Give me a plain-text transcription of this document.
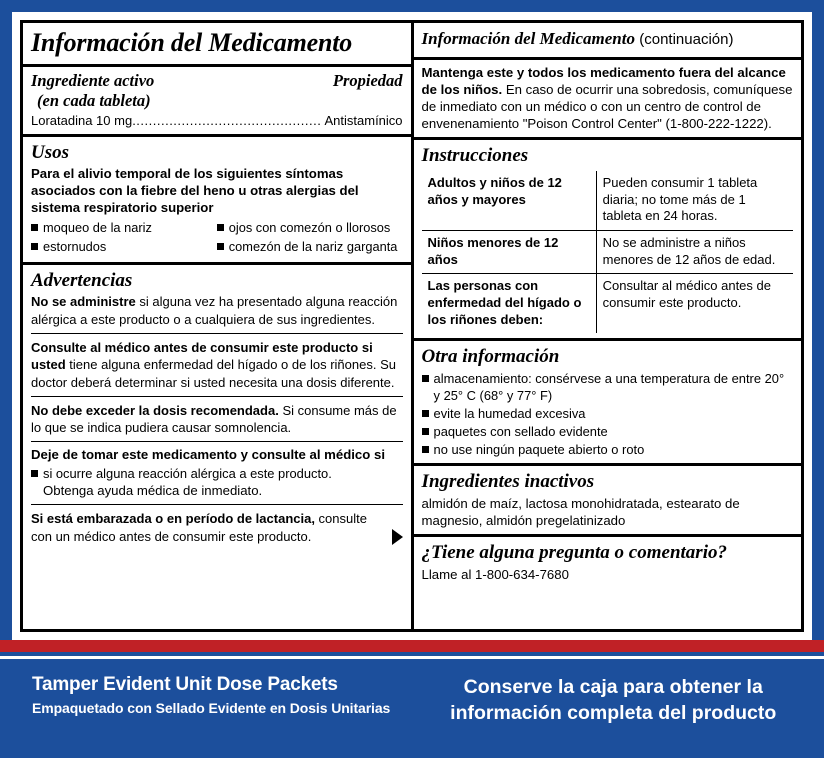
Información del Medicamento
Ingrediente activo	Propiedad
(en cada tableta)
Loratadina 10 mg .............................................. Antistamínico
Usos
Para el alivio temporal de los siguientes síntomas asociados con la fiebre del heno u otras alergias del sistema respiratorio superior
moqueo de la nariz	ojos con comezón o llorosos
estornudos	comezón de la nariz garganta
Advertencias
No se administre si alguna vez ha presentado alguna reacción alérgica a este producto o a cualquiera de sus ingredientes.
Consulte al médico antes de consumir este producto si usted tiene alguna enfermedad del hígado o de los riñones. Su doctor deberá determinar si usted necesita una dosis diferente.
No debe exceder la dosis recomendada. Si consume más de lo que se indica pudiera causar somnolencia.
Deje de tomar este medicamento y consulte al médico si
si ocurre alguna reacción alérgica a este producto.
Obtenga ayuda médica de inmediato.
Si está embarazada o en período de lactancia, consulte con un médico antes de consumir este producto.
Información del Medicamento (continuación)
Mantenga este y todos los medicamento fuera del alcance de los niños. En caso de ocurrir una sobredosis, comuníquese de inmediato con un médico o con un centro de control de envenenamiento "Poison Control Center" (1-800-222-1222).
Instrucciones
Adultos y niños de 12 años y mayores	Pueden consumir 1 tableta diaria; no tome más de 1 tableta en 24 horas.
Niños menores de 12 años	No se administre a niños menores de 12 años de edad.
Las personas con enfermedad del hígado o los riñones deben:	Consultar al médico antes de consumir este producto.
Otra información
almacenamiento: consérvese a una temperatura de entre 20° y 25° C (68° y 77° F)
evite la humedad excesiva
paquetes con sellado evidente
no use ningún paquete abierto o roto
Ingredientes inactivos
almidón de maíz, lactosa monohidratada, estearato de magnesio, almidón pregelatinizado
¿Tiene alguna pregunta o comentario?
Llame al 1-800-634-7680
Tamper Evident Unit Dose Packets
Empaquetado con Sellado Evidente en Dosis Unitarias
Conserve la caja para obtener la
información completa del producto
